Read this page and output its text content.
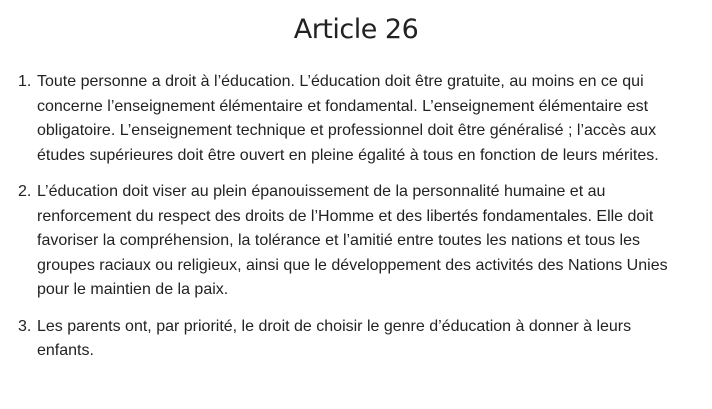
Article 26
1. Toute personne a droit à l’éducation. L’éducation doit être gratuite, au moins en ce qui concerne l’enseignement élémentaire et fondamental. L’enseignement élémentaire est obligatoire. L’enseignement technique et professionnel doit être généralisé ; l’accès aux études supérieures doit être ouvert en pleine égalité à tous en fonction de leurs mérites.
2. L’éducation doit viser au plein épanouissement de la personnalité humaine et au renforcement du respect des droits de l’Homme et des libertés fondamentales. Elle doit favoriser la compréhension, la tolérance et l’amitié entre toutes les nations et tous les groupes raciaux ou religieux, ainsi que le développement des activités des Nations Unies pour le maintien de la paix.
3. Les parents ont, par priorité, le droit de choisir le genre d’éducation à donner à leurs enfants.
